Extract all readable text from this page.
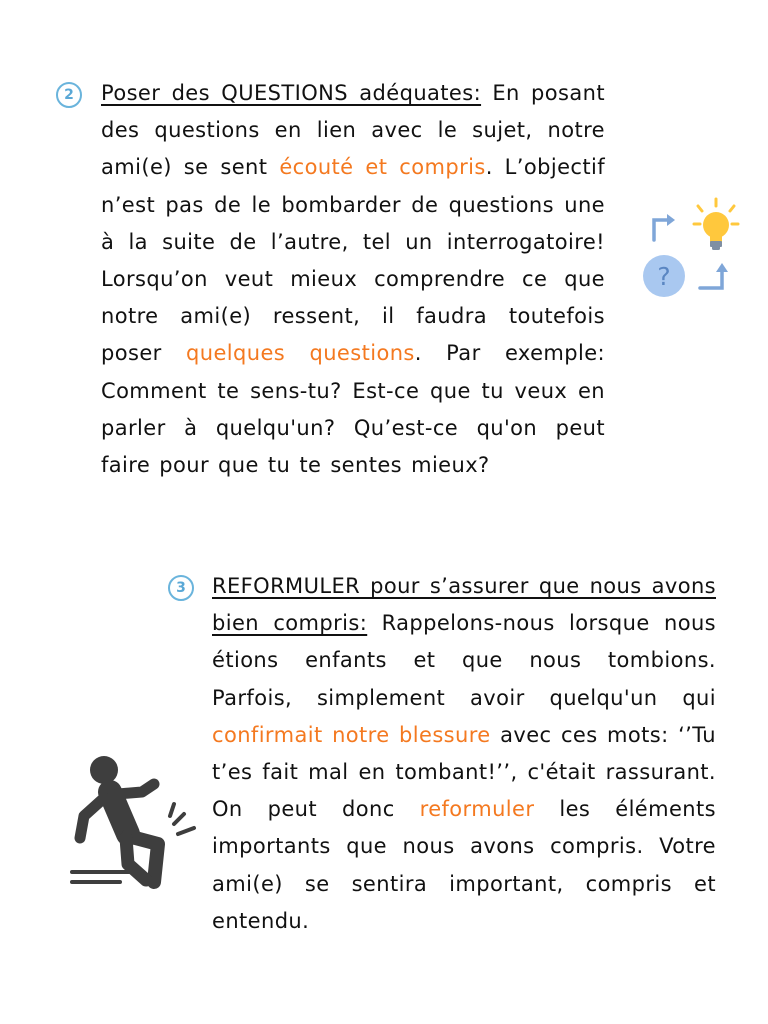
2	Poser des QUESTIONS adéquates: En posant des questions en lien avec le sujet, notre ami(e) se sent écouté et compris. L’objectif n’est pas de le bombarder de questions une à la suite de l’autre, tel un interrogatoire! Lorsqu’on veut mieux comprendre ce que notre ami(e) ressent, il faudra toutefois poser quelques questions. Par exemple: Comment te sens-tu? Est-ce que tu veux en parler à quelqu'un? Qu’est-ce qu'on peut faire pour que tu te sentes mieux?

?
3	REFORMULER pour s’assurer que nous avons bien compris: Rappelons-nous lorsque nous étions enfants et que nous tombions. Parfois, simplement avoir quelqu'un qui confirmait notre blessure avec ces mots: ‘’Tu t’es fait mal en tombant!’’, c'était rassurant. On peut donc reformuler les éléments importants que nous avons compris. Votre ami(e) se sentira important, compris et entendu.
